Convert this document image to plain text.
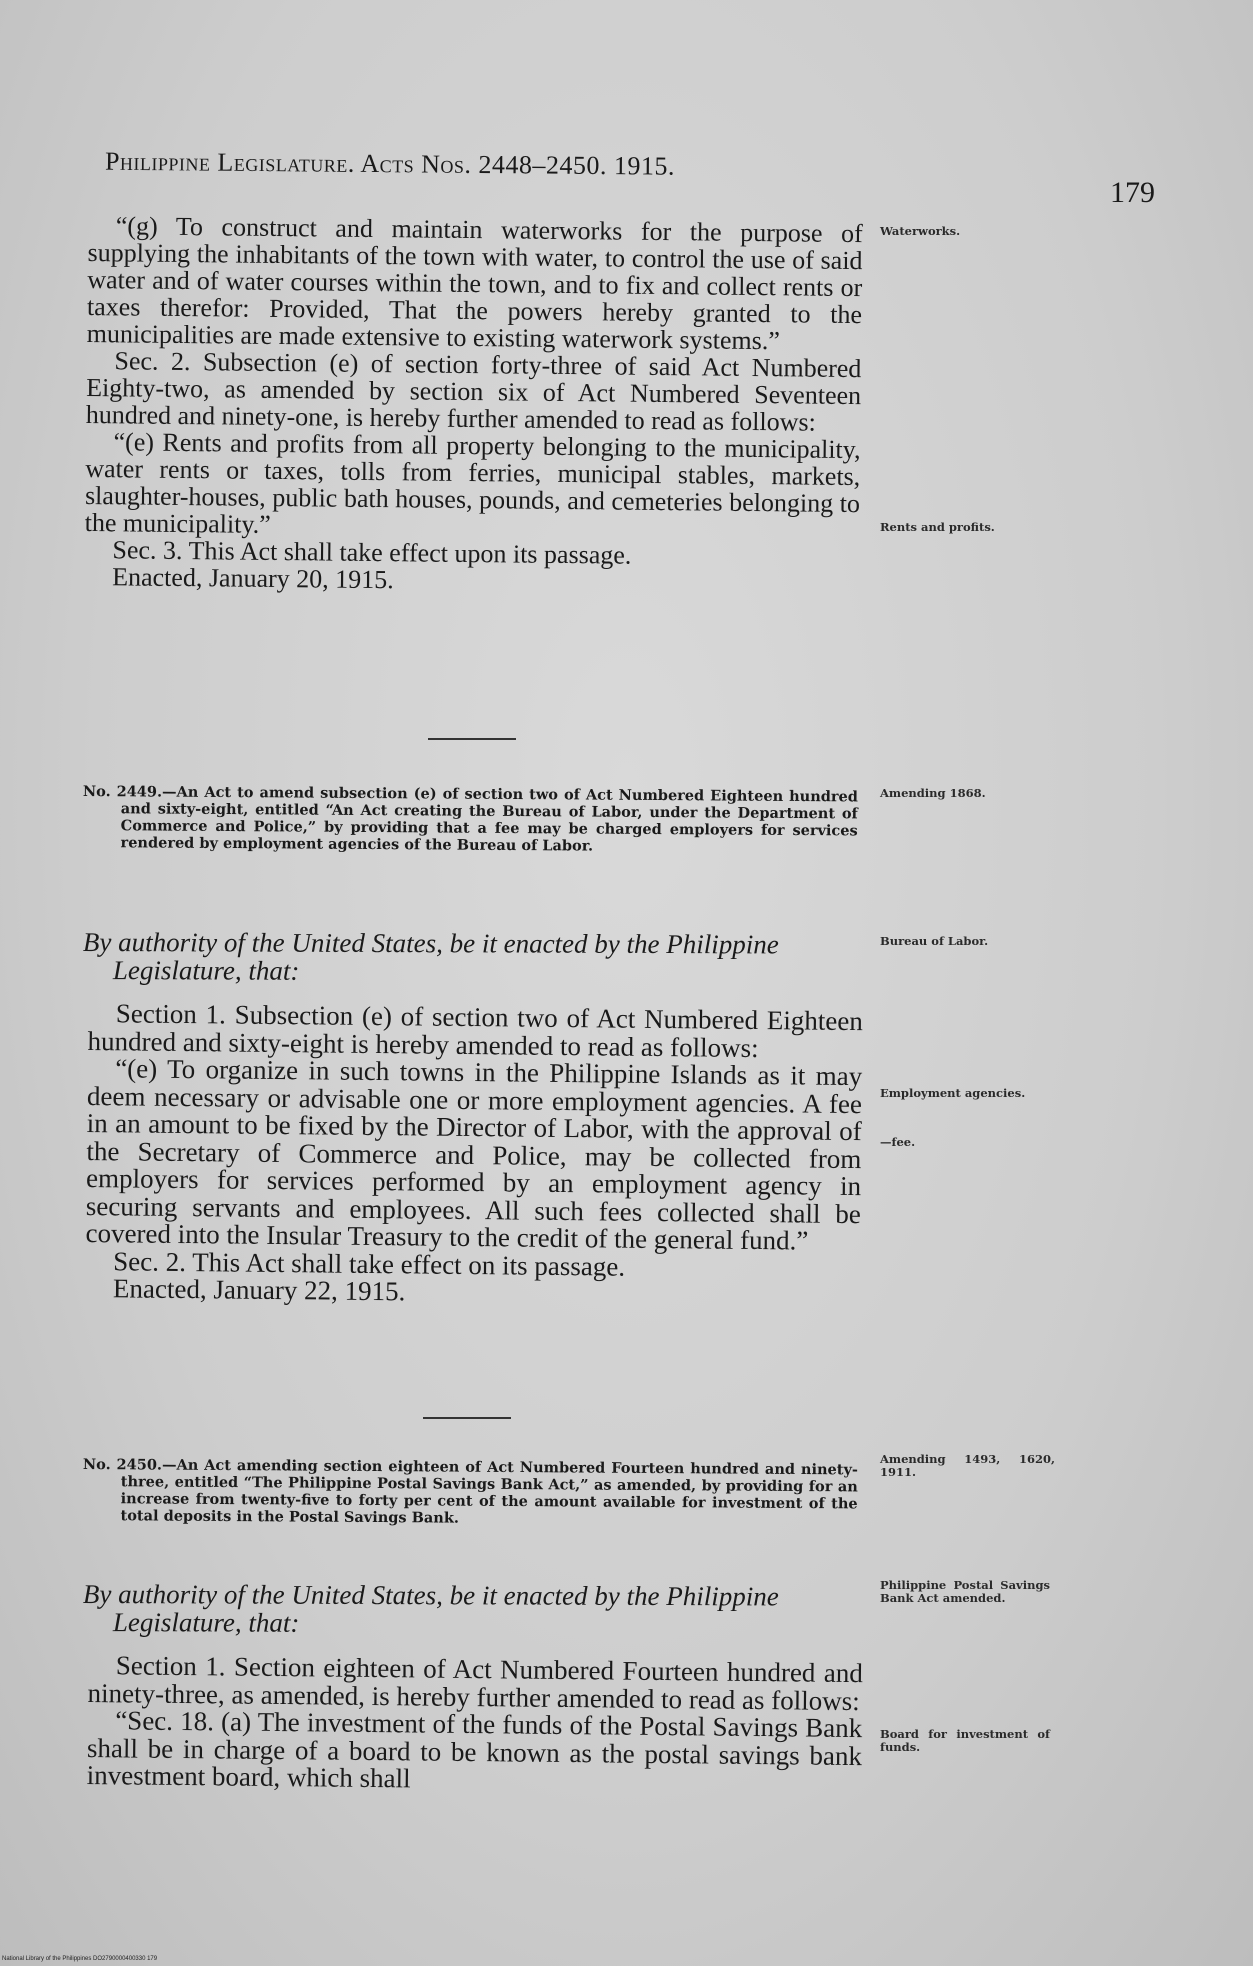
Philippine Legislature. Acts Nos. 2448–2450. 1915.
179

“(g) To construct and maintain waterworks for the purpose of supplying the inhabitants of the town with water, to control the use of said water and of water courses within the town, and to fix and collect rents or taxes therefor: Provided, That the powers hereby granted to the municipalities are made extensive to existing waterwork systems.”

Sec. 2. Subsection (e) of section forty-three of said Act Numbered Eighty-two, as amended by section six of Act Numbered Seventeen hundred and ninety-one, is hereby further amended to read as follows:

“(e) Rents and profits from all property belonging to the municipality, water rents or taxes, tolls from ferries, municipal stables, markets, slaughter-houses, public bath houses, pounds, and cemeteries belonging to the municipality.”

Sec. 3. This Act shall take effect upon its passage.

Enacted, January 20, 1915.

No. 2449.—An Act to amend subsection (e) of section two of Act Numbered Eighteen hundred and sixty-eight, entitled “An Act creating the Bureau of Labor, under the Department of Commerce and Police,” by providing that a fee may be charged employers for services rendered by employment agencies of the Bureau of Labor.

By authority of the United States, be it enacted by the Philippine Legislature, that:

Section 1. Subsection (e) of section two of Act Numbered Eighteen hundred and sixty-eight is hereby amended to read as follows:

“(e) To organize in such towns in the Philippine Islands as it may deem necessary or advisable one or more employment agencies. A fee in an amount to be fixed by the Director of Labor, with the approval of the Secretary of Commerce and Police, may be collected from employers for services performed by an employment agency in securing servants and employees. All such fees collected shall be covered into the Insular Treasury to the credit of the general fund.”

Sec. 2. This Act shall take effect on its passage.

Enacted, January 22, 1915.

No. 2450.—An Act amending section eighteen of Act Numbered Fourteen hundred and ninety-three, entitled “The Philippine Postal Savings Bank Act,” as amended, by providing for an increase from twenty-five to forty per cent of the amount available for investment of the total deposits in the Postal Savings Bank.

By authority of the United States, be it enacted by the Philippine Legislature, that:

Section 1. Section eighteen of Act Numbered Fourteen hundred and ninety-three, as amended, is hereby further amended to read as follows:

“Sec. 18. (a) The investment of the funds of the Postal Savings Bank shall be in charge of a board to be known as the postal savings bank investment board, which shall

Waterworks.
Rents and profits.
Amending 1868.
Bureau of Labor.
Employment agencies.
—fee.
Amending 1493, 1620, 1911.
Philippine Postal Savings Bank Act amended.
Board for investment of funds.
National Library of the Philippines DO2790000400330 179
